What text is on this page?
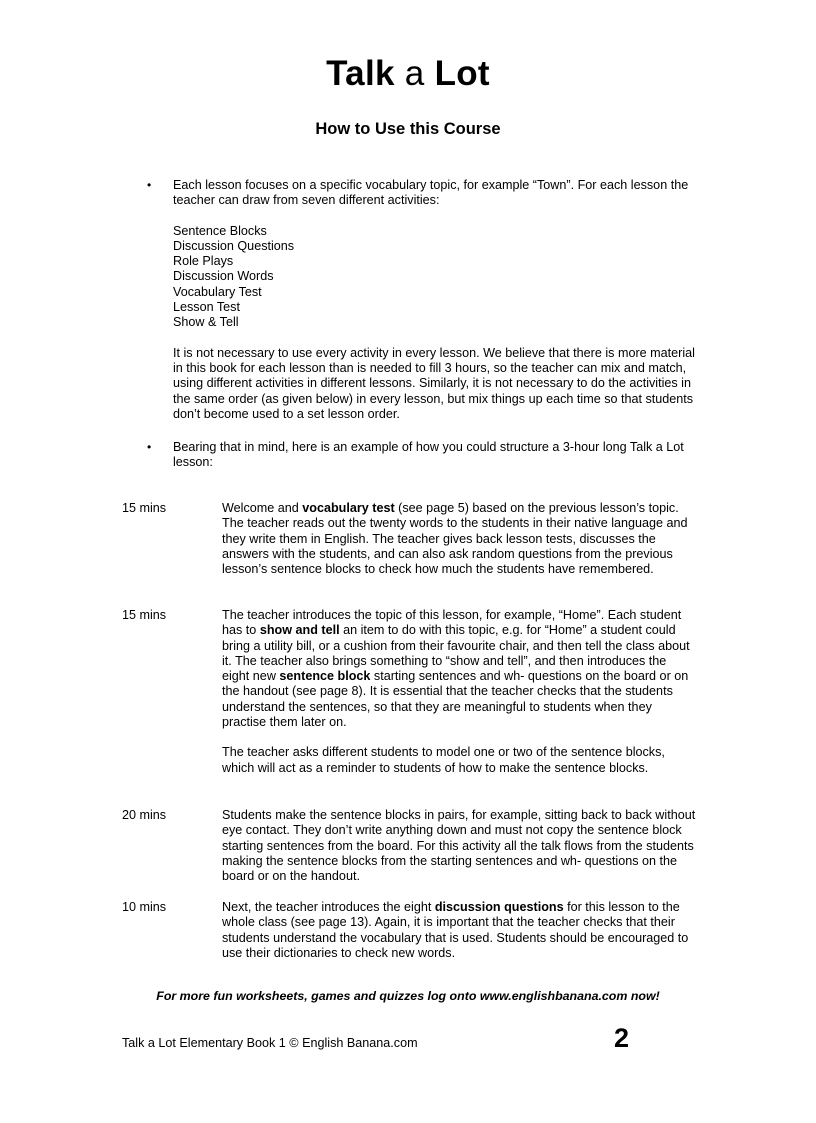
Talk a Lot
How to Use this Course
• Each lesson focuses on a specific vocabulary topic, for example “Town”. For each lesson the teacher can draw from seven different activities:

Sentence Blocks
Discussion Questions
Role Plays
Discussion Words
Vocabulary Test
Lesson Test
Show & Tell

It is not necessary to use every activity in every lesson. We believe that there is more material in this book for each lesson than is needed to fill 3 hours, so the teacher can mix and match, using different activities in different lessons. Similarly, it is not necessary to do the activities in the same order (as given below) in every lesson, but mix things up each time so that students don’t become used to a set lesson order.

• Bearing that in mind, here is an example of how you could structure a 3-hour long Talk a Lot lesson:

15 mins	Welcome and vocabulary test (see page 5) based on the previous lesson’s topic. The teacher reads out the twenty words to the students in their native language and they write them in English. The teacher gives back lesson tests, discusses the answers with the students, and can also ask random questions from the previous lesson’s sentence blocks to check how much the students have remembered.

15 mins	The teacher introduces the topic of this lesson, for example, “Home”. Each student has to show and tell an item to do with this topic, e.g. for “Home” a student could bring a utility bill, or a cushion from their favourite chair, and then tell the class about it. The teacher also brings something to “show and tell”, and then introduces the eight new sentence block starting sentences and wh- questions on the board or on the handout (see page 8). It is essential that the teacher checks that the students understand the sentences, so that they are meaningful to students when they practise them later on.

The teacher asks different students to model one or two of the sentence blocks, which will act as a reminder to students of how to make the sentence blocks.

20 mins	Students make the sentence blocks in pairs, for example, sitting back to back without eye contact. They don’t write anything down and must not copy the sentence block starting sentences from the board. For this activity all the talk flows from the students making the sentence blocks from the starting sentences and wh- questions on the board or on the handout.

10 mins	Next, the teacher introduces the eight discussion questions for this lesson to the whole class (see page 13). Again, it is important that the teacher checks that their students understand the vocabulary that is used. Students should be encouraged to use their dictionaries to check new words.

For more fun worksheets, games and quizzes log onto www.englishbanana.com now!
Talk a Lot Elementary Book 1 © English Banana.com	2
